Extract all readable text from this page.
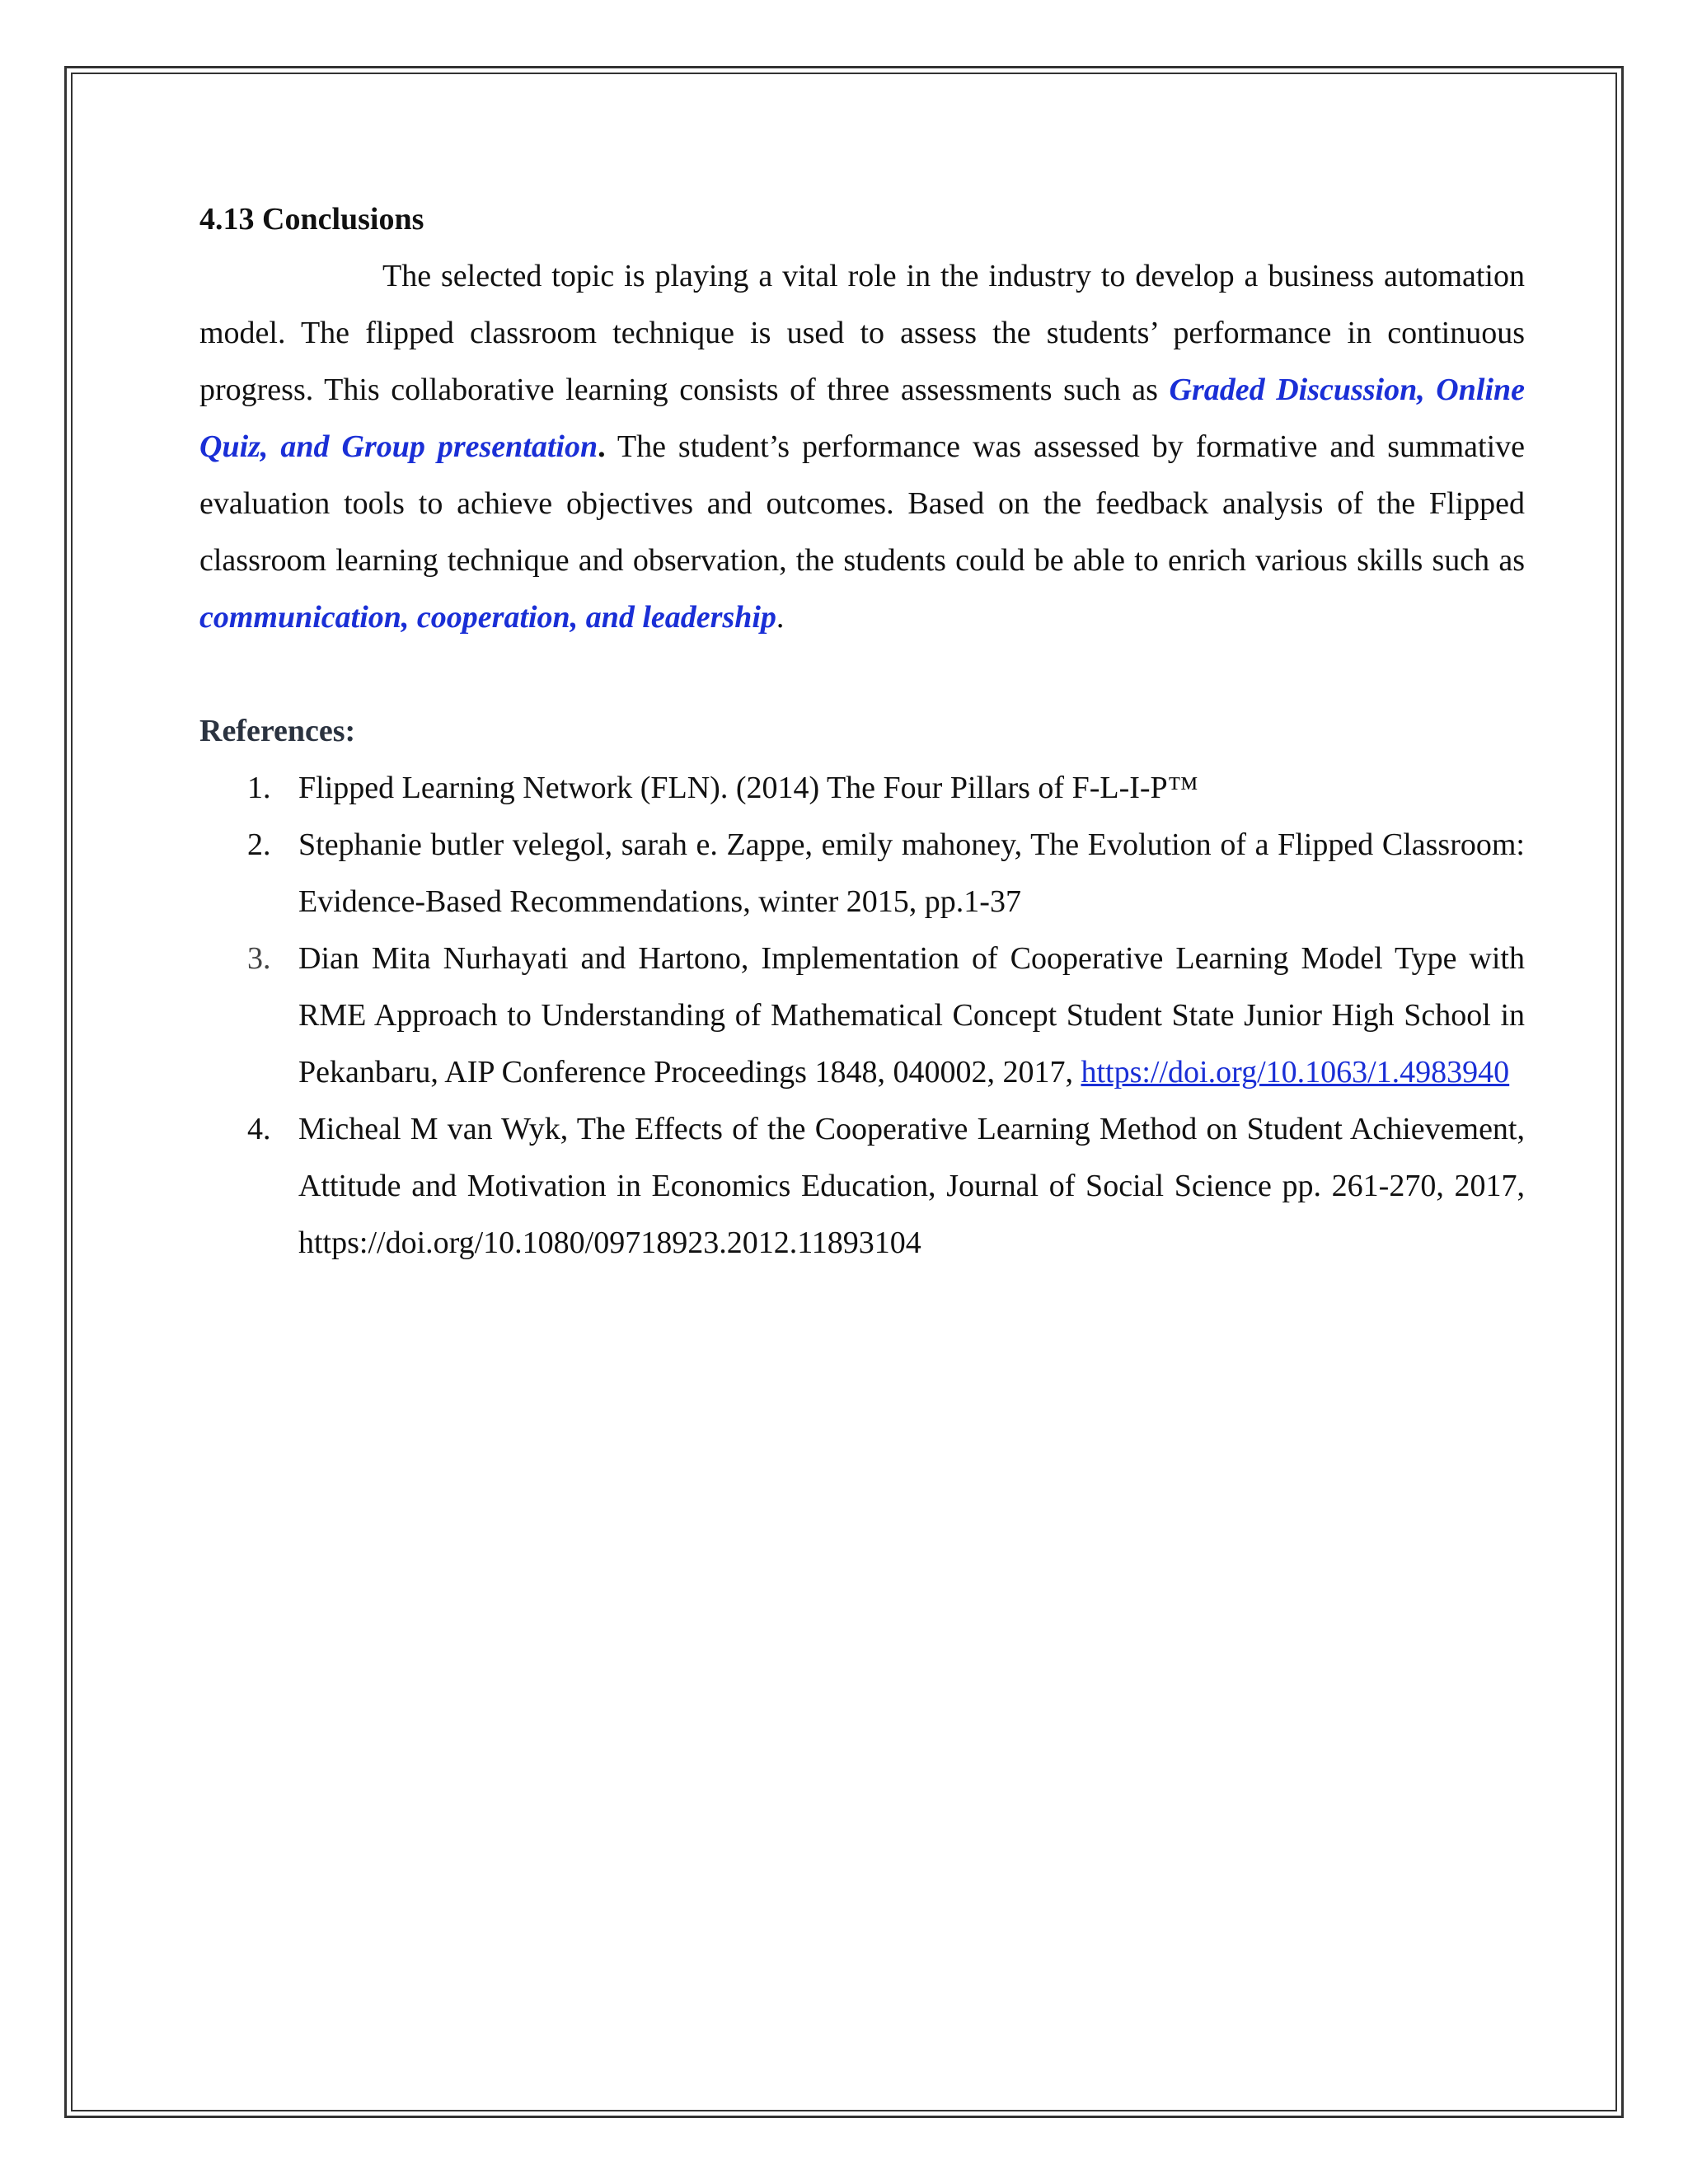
4.13 Conclusions

The selected topic is playing a vital role in the industry to develop a business automation model. The flipped classroom technique is used to assess the students’ performance in continuous progress. This collaborative learning consists of three assessments such as Graded Discussion, Online Quiz, and Group presentation. The student’s performance was assessed by formative and summative evaluation tools to achieve objectives and outcomes. Based on the feedback analysis of the Flipped classroom learning technique and observation, the students could be able to enrich various skills such as communication, cooperation, and leadership.

References:

1. Flipped Learning Network (FLN). (2014) The Four Pillars of F-L-I-P™
2. Stephanie butler velegol, sarah e. Zappe, emily mahoney, The Evolution of a Flipped Classroom: Evidence-Based Recommendations, winter 2015, pp.1-37
3. Dian Mita Nurhayati and Hartono, Implementation of Cooperative Learning Model Type with RME Approach to Understanding of Mathematical Concept Student State Junior High School in Pekanbaru, AIP Conference Proceedings 1848, 040002, 2017, https://doi.org/10.1063/1.4983940
4. Micheal M van Wyk, The Effects of the Cooperative Learning Method on Student Achievement, Attitude and Motivation in Economics Education, Journal of Social Science pp. 261-270, 2017, https://doi.org/10.1080/09718923.2012.11893104
